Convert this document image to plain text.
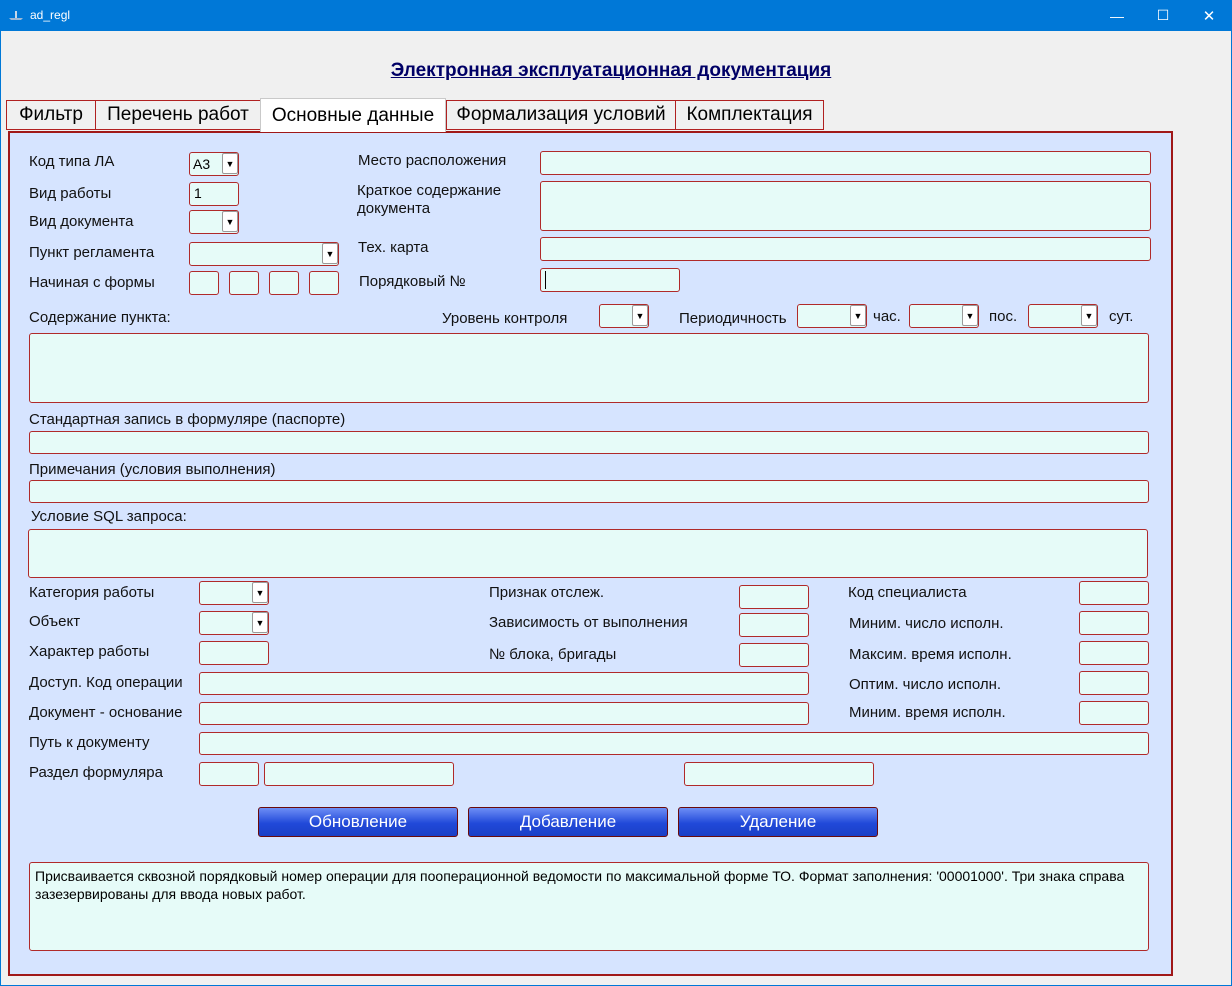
ad_regl	—	☐	✕
Электронная эксплуатационная документация
Фильтр	Перечень работ	Формализация условий	Комплектация
Основные данные
Код типа ЛА	А3	▼
Вид работы	1
Вид документа	▼
Пункт регламента	▼
Начиная с формы
Место расположения
Краткое содержание документа
Тех. карта
Порядковый №
Содержание пункта:	Уровень контроля	▼ Периодичность	▼ час.	▼ пос.	▼ сут.
Стандартная запись в формуляре (паспорте)
Примечания (условия выполнения)
Условие SQL запроса:
Категория работы	▼
Объект	▼
Характер работы
Доступ. Код операции
Документ - основание
Путь к документу
Раздел формуляра
Признак отслеж.
Зависимость от выполнения
№ блока, бригады
Код специалиста
Миним. число исполн.
Максим. время исполн.
Оптим. число исполн.
Миним. время исполн.
Обновление	Добавление	Удаление
Присваивается сквозной порядковый номер операции для пооперационной ведомости по максимальной форме ТО. Формат заполнения: '00001000'. Три знака справа зазезервированы для ввода новых работ.
